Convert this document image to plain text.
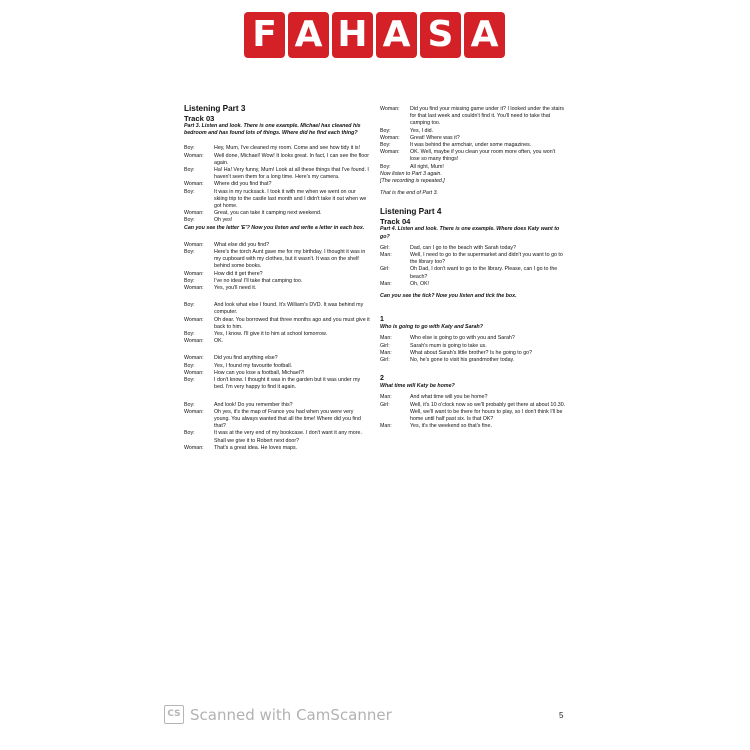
F A H A S A
Listening Part 3
Track 03
Part 3. Listen and look. There is one example. Michael has cleaned his bedroom and has found lots of things. Where did he find each thing?
Boy:	Hey, Mum, I've cleaned my room. Come and see how tidy it is!
Woman:	Well done, Michael! Wow! It looks great. In fact, I can see the floor again.
Boy:	Ha! Ha! Very funny, Mum! Look at all these things that I've found. I haven't seen them for a long time. Here's my camera.
Woman:	Where did you find that?
Boy:	It was in my rucksack. I took it with me when we went on our skiing trip to the castle last month and I didn't take it out when we got home.
Woman:	Great, you can take it camping next weekend.
Boy:	Oh yes!
Can you see the letter 'E'? Now you listen and write a letter in each box.
Woman:	What else did you find?
Boy:	Here's the torch Aunt gave me for my birthday. I thought it was in my cupboard with my clothes, but it wasn't. It was on the shelf behind some books.
Woman:	How did it get there?
Boy:	I've no idea! I'll take that camping too.
Woman:	Yes, you'll need it.
Boy:	And look what else I found. It's William's DVD. It was behind my computer.
Woman:	Oh dear. You borrowed that three months ago and you must give it back to him.
Boy:	Yes, I know. I'll give it to him at school tomorrow.
Woman:	OK.
Woman:	Did you find anything else?
Boy:	Yes, I found my favourite football.
Woman:	How can you lose a football, Michael?!
Boy:	I don't know. I thought it was in the garden but it was under my bed. I'm very happy to find it again.
Boy:	And look! Do you remember this?
Woman:	Oh yes, it's the map of France you had when you were very young. You always wanted that all the time! Where did you find that?
Boy:	It was at the very end of my bookcase. I don't want it any more. Shall we give it to Robert next door?
Woman:	That's a great idea. He loves maps.
Woman:	Did you find your missing game under it? I looked under the stairs for that last week and couldn't find it. You'll need to take that camping too.
Boy:	Yes, I did.
Woman:	Great! Where was it?
Boy:	It was behind the armchair, under some magazines.
Woman:	OK. Well, maybe if you clean your room more often, you won't lose so many things!
Boy:	All right, Mum!
Now listen to Part 3 again.
[The recording is repeated.]
That is the end of Part 3.
Listening Part 4
Track 04
Part 4. Listen and look. There is one example. Where does Katy want to go?
Girl:	Dad, can I go to the beach with Sarah today?
Man:	Well, I need to go to the supermarket and didn't you want to go to the library too?
Girl:	Oh Dad, I don't want to go to the library. Please, can I go to the beach?
Man:	Oh, OK!
Can you see the tick? Now you listen and tick the box.
1
Who is going to go with Katy and Sarah?
Man:	Who else is going to go with you and Sarah?
Girl:	Sarah's mum is going to take us.
Man:	What about Sarah's little brother? Is he going to go?
Girl:	No, he's gone to visit his grandmother today.
2
What time will Katy be home?
Man:	And what time will you be home?
Girl:	Well, it's 10 o'clock now so we'll probably get there at about 10.30. Well, we'll want to be there for hours to play, so I don't think I'll be home until half past six. Is that OK?
Man:	Yes, it's the weekend so that's fine.
CS Scanned with CamScanner	5
